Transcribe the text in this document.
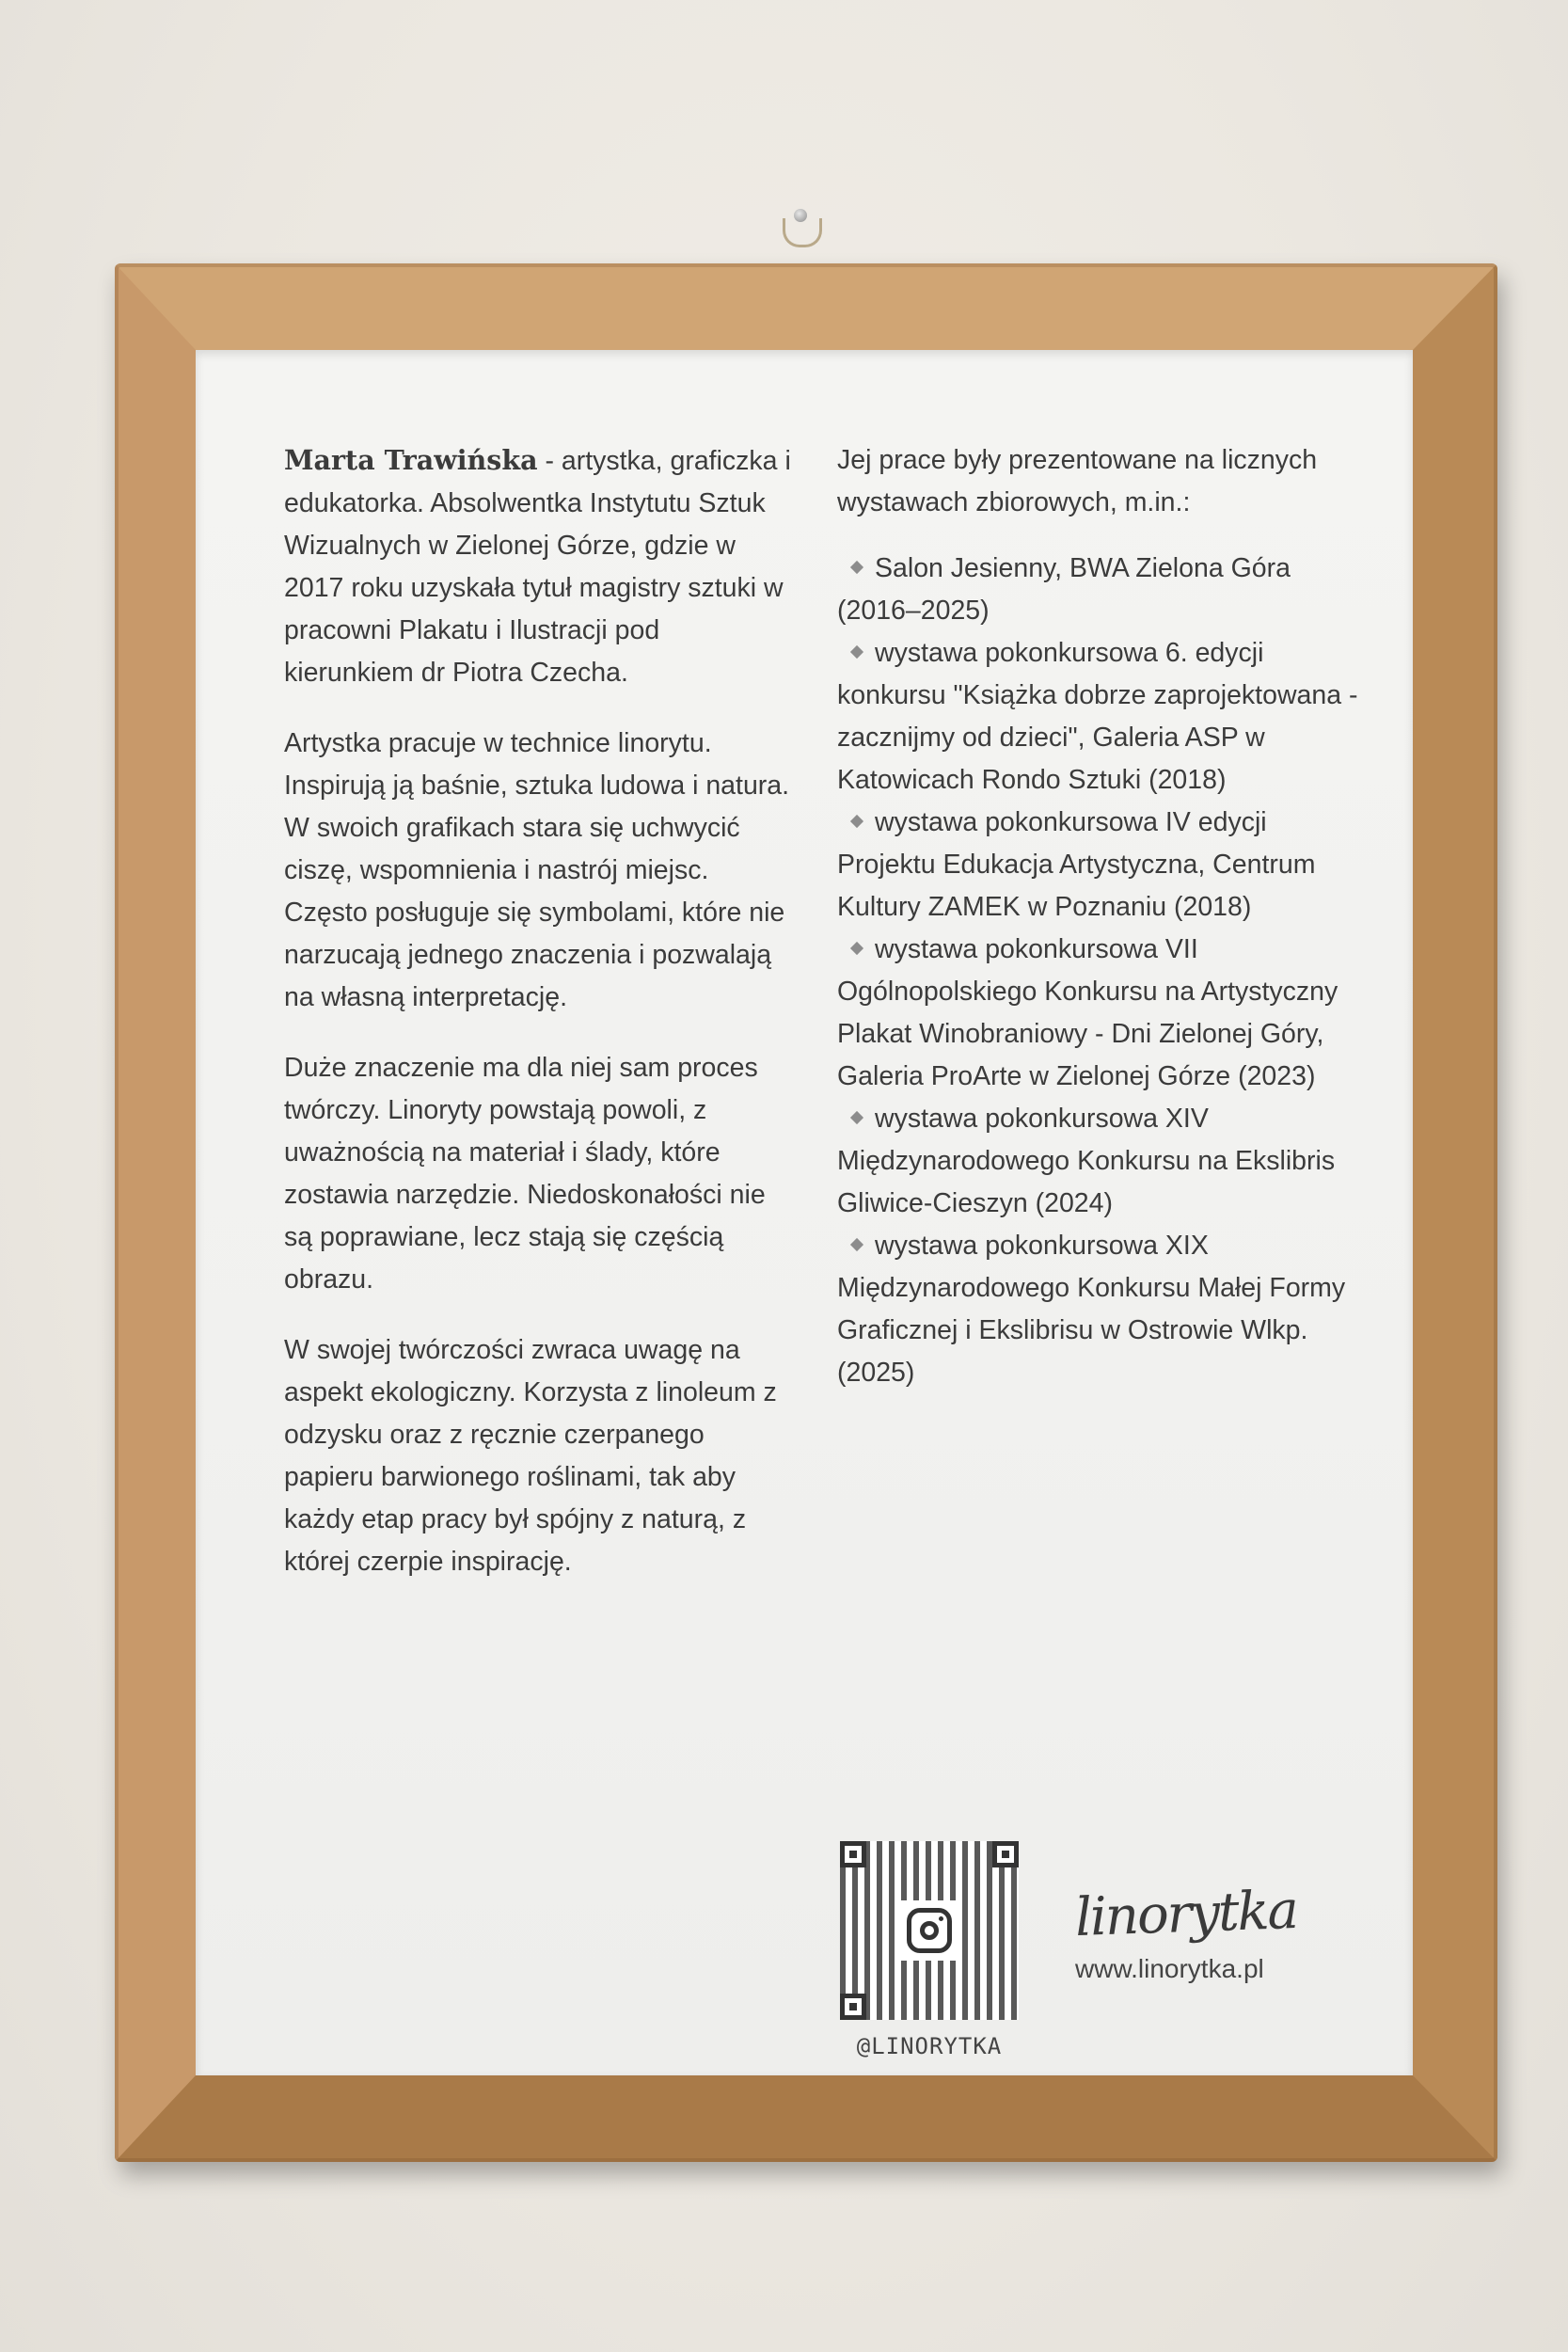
Marta Trawińska - artystka, graficzka i edukatorka. Absolwentka Instytutu Sztuk Wizualnych w Zielonej Górze, gdzie w 2017 roku uzyskała tytuł magistry sztuki w pracowni Plakatu i Ilustracji pod kierunkiem dr Piotra Czecha.

Artystka pracuje w technice linorytu. Inspirują ją baśnie, sztuka ludowa i natura. W swoich grafikach stara się uchwycić ciszę, wspomnienia i nastrój miejsc. Często posługuje się symbolami, które nie narzucają jednego znaczenia i pozwalają na własną interpretację.

Duże znaczenie ma dla niej sam proces twórczy. Linoryty powstają powoli, z uważnością na materiał i ślady, które zostawia narzędzie. Niedoskonałości nie są poprawiane, lecz stają się częścią obrazu.

W swojej twórczości zwraca uwagę na aspekt ekologiczny. Korzysta z linoleum z odzysku oraz z ręcznie czerpanego papieru barwionego roślinami, tak aby każdy etap pracy był spójny z naturą, z której czerpie inspirację.

Jej prace były prezentowane na licznych wystawach zbiorowych, m.in.:

Salon Jesienny, BWA Zielona Góra (2016–2025)
wystawa pokonkursowa 6. edycji konkursu "Książka dobrze zaprojektowana - zacznijmy od dzieci", Galeria ASP w Katowicach Rondo Sztuki (2018)
wystawa pokonkursowa IV edycji Projektu Edukacja Artystyczna, Centrum Kultury ZAMEK w Poznaniu (2018)
wystawa pokonkursowa VII Ogólnopolskiego Konkursu na Artystyczny Plakat Winobraniowy - Dni Zielonej Góry, Galeria ProArte w Zielonej Górze (2023)
wystawa pokonkursowa XIV Międzynarodowego Konkursu na Ekslibris Gliwice-Cieszyn (2024)
wystawa pokonkursowa XIX Międzynarodowego Konkursu Małej Formy Graficznej i Ekslibrisu w Ostrowie Wlkp. (2025)
@LINORYTKA
linorytka
www.linorytka.pl
